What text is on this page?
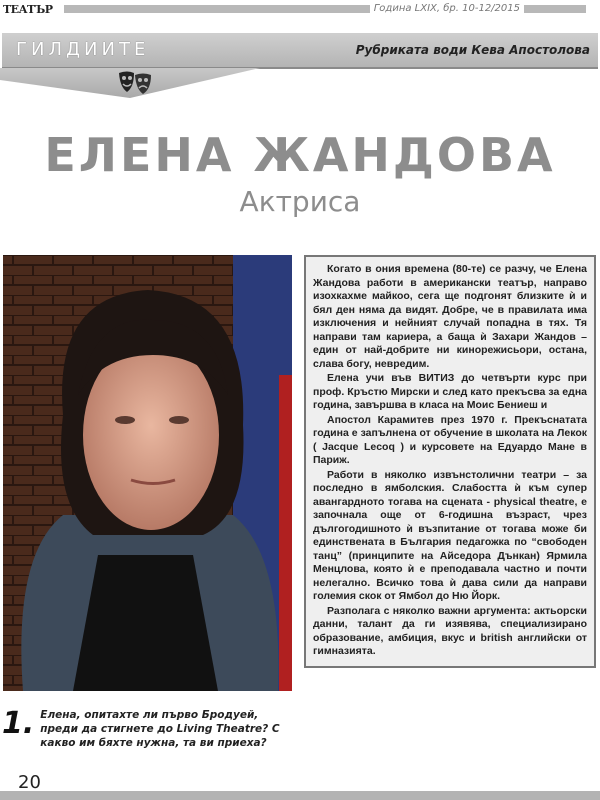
ТЕАТЪР	Година LXIX, бр. 10-12/2015
ГИЛДИИТЕ	Рубриката води Кева Апостолова
ЕЛЕНА ЖАНДОВА
Актриса

Когато в ония времена (80-те) се разчу, че Елена Жандова работи в американски театър, направо изохкахме майкоо, сега ще подгонят близките ѝ и бял ден няма да видят. Добре, че в правилата има изключения и нейният случай попадна в тях. Тя направи там кариера, а баща ѝ Захари Жандов – един от най-добрите ни кинорежисьори, остана, слава богу, невредим.

Елена учи във ВИТИЗ до четвърти курс при проф. Кръстю Мирски и след като прекъсва за една година, завършва в класа на Моис Бениеш и

Апостол Карамитев през 1970 г. Прекъснатата година е запълнена от обучение в школата на Лекок ( Jacque Lecoq ) и курсовете на Едуардо Мане в Париж.

Работи в няколко извънстолични театри – за последно в ямболския. Слабостта ѝ към супер авангардното тогава на сцената - physical theatre, е започнала още от 6-годишна възраст, чрез дългогодишното ѝ възпитание от тогава може би единствената в България педагожка по “свободен танц” (принципите на Айседора Дънкан) Ярмила Менцлова, която ѝ е преподавала частно и почти нелегално. Всичко това ѝ дава сили да направи големия скок от Ямбол до Ню Йорк.

Разполага с няколко важни аргумента: актьорски данни, талант да ги изявява, специализирано образование, амбиция, вкус и british английски от гимназията.

1. Елена, опитахте ли първо Бродуей, преди да стигнете до Living Theatre? С какво им бяхте нужна, та ви приеха?
20
